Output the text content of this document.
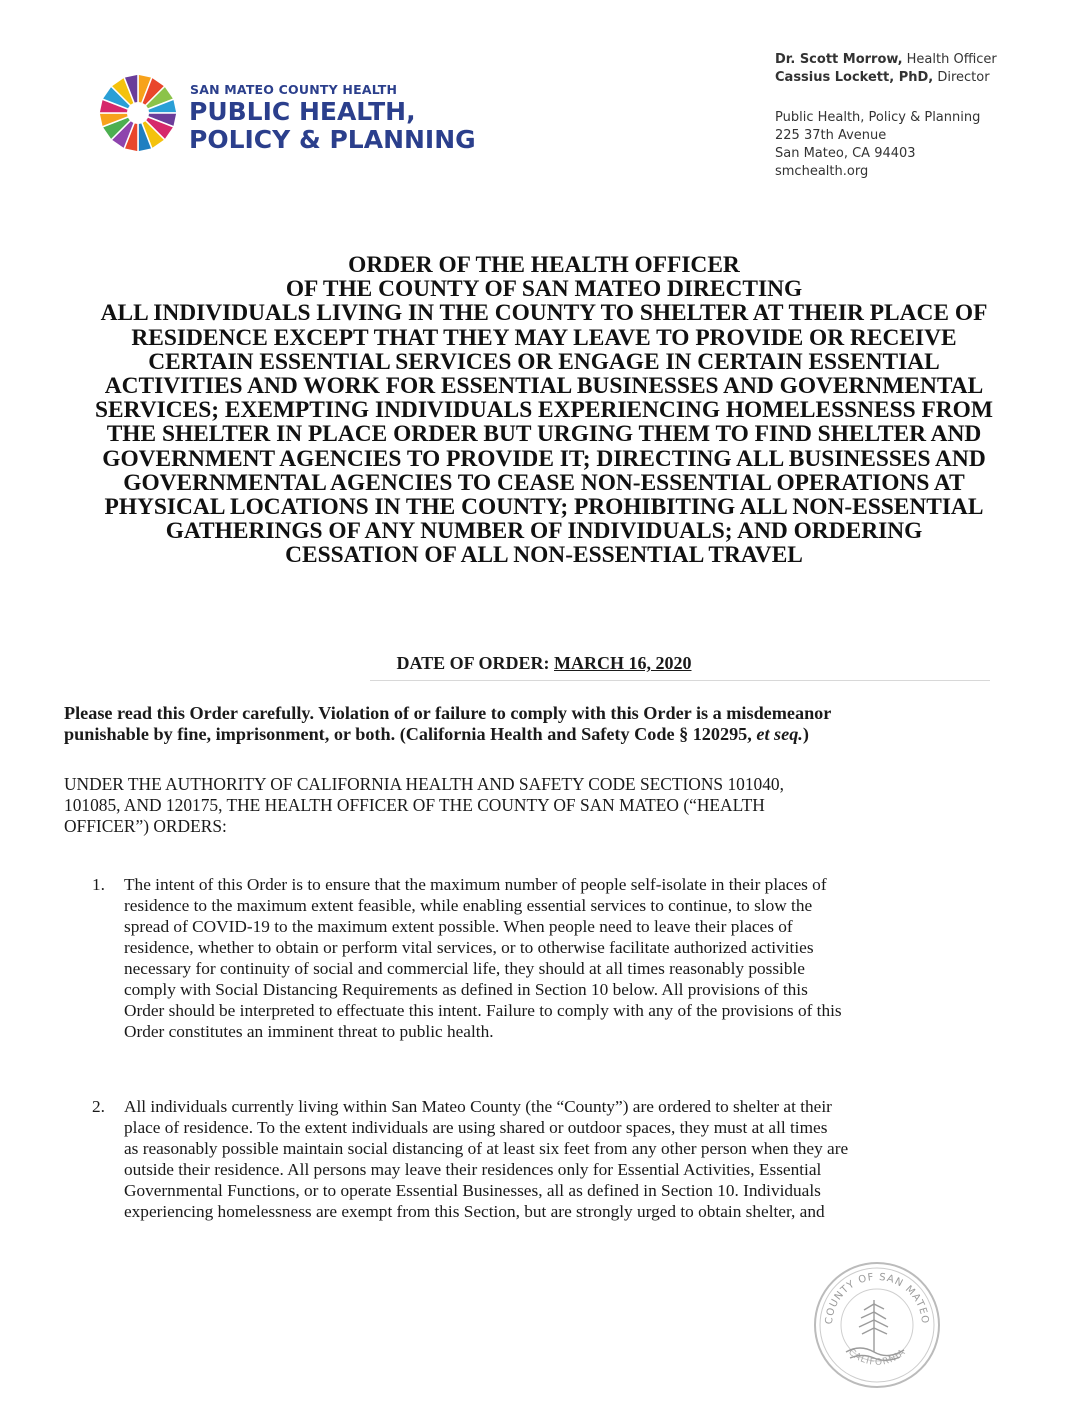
SAN MATEO COUNTY HEALTH
PUBLIC HEALTH,
POLICY & PLANNING
Dr. Scott Morrow, Health Officer
Cassius Lockett, PhD, Director
Public Health, Policy & Planning
225 37th Avenue
San Mateo, CA 94403
smchealth.org
ORDER OF THE HEALTH OFFICER
OF THE COUNTY OF SAN MATEO DIRECTING
ALL INDIVIDUALS LIVING IN THE COUNTY TO SHELTER AT THEIR PLACE OF
RESIDENCE EXCEPT THAT THEY MAY LEAVE TO PROVIDE OR RECEIVE
CERTAIN ESSENTIAL SERVICES OR ENGAGE IN CERTAIN ESSENTIAL
ACTIVITIES AND WORK FOR ESSENTIAL BUSINESSES AND GOVERNMENTAL
SERVICES; EXEMPTING INDIVIDUALS EXPERIENCING HOMELESSNESS FROM
THE SHELTER IN PLACE ORDER BUT URGING THEM TO FIND SHELTER AND
GOVERNMENT AGENCIES TO PROVIDE IT; DIRECTING ALL BUSINESSES AND
GOVERNMENTAL AGENCIES TO CEASE NON-ESSENTIAL OPERATIONS AT
PHYSICAL LOCATIONS IN THE COUNTY; PROHIBITING ALL NON-ESSENTIAL
GATHERINGS OF ANY NUMBER OF INDIVIDUALS; AND ORDERING
CESSATION OF ALL NON-ESSENTIAL TRAVEL
DATE OF ORDER: MARCH 16, 2020
Please read this Order carefully. Violation of or failure to comply with this Order is a misdemeanor
punishable by fine, imprisonment, or both. (California Health and Safety Code § 120295, et seq.)
UNDER THE AUTHORITY OF CALIFORNIA HEALTH AND SAFETY CODE SECTIONS 101040,
101085, AND 120175, THE HEALTH OFFICER OF THE COUNTY OF SAN MATEO (“HEALTH
OFFICER”) ORDERS:
1. The intent of this Order is to ensure that the maximum number of people self-isolate in their places of
residence to the maximum extent feasible, while enabling essential services to continue, to slow the
spread of COVID-19 to the maximum extent possible. When people need to leave their places of
residence, whether to obtain or perform vital services, or to otherwise facilitate authorized activities
necessary for continuity of social and commercial life, they should at all times reasonably possible
comply with Social Distancing Requirements as defined in Section 10 below. All provisions of this
Order should be interpreted to effectuate this intent. Failure to comply with any of the provisions of this
Order constitutes an imminent threat to public health.
2. All individuals currently living within San Mateo County (the “County”) are ordered to shelter at their
place of residence. To the extent individuals are using shared or outdoor spaces, they must at all times
as reasonably possible maintain social distancing of at least six feet from any other person when they are
outside their residence. All persons may leave their residences only for Essential Activities, Essential
Governmental Functions, or to operate Essential Businesses, all as defined in Section 10. Individuals
experiencing homelessness are exempt from this Section, but are strongly urged to obtain shelter, and
COUNTY OF SAN MATEO
CALIFORNIA
